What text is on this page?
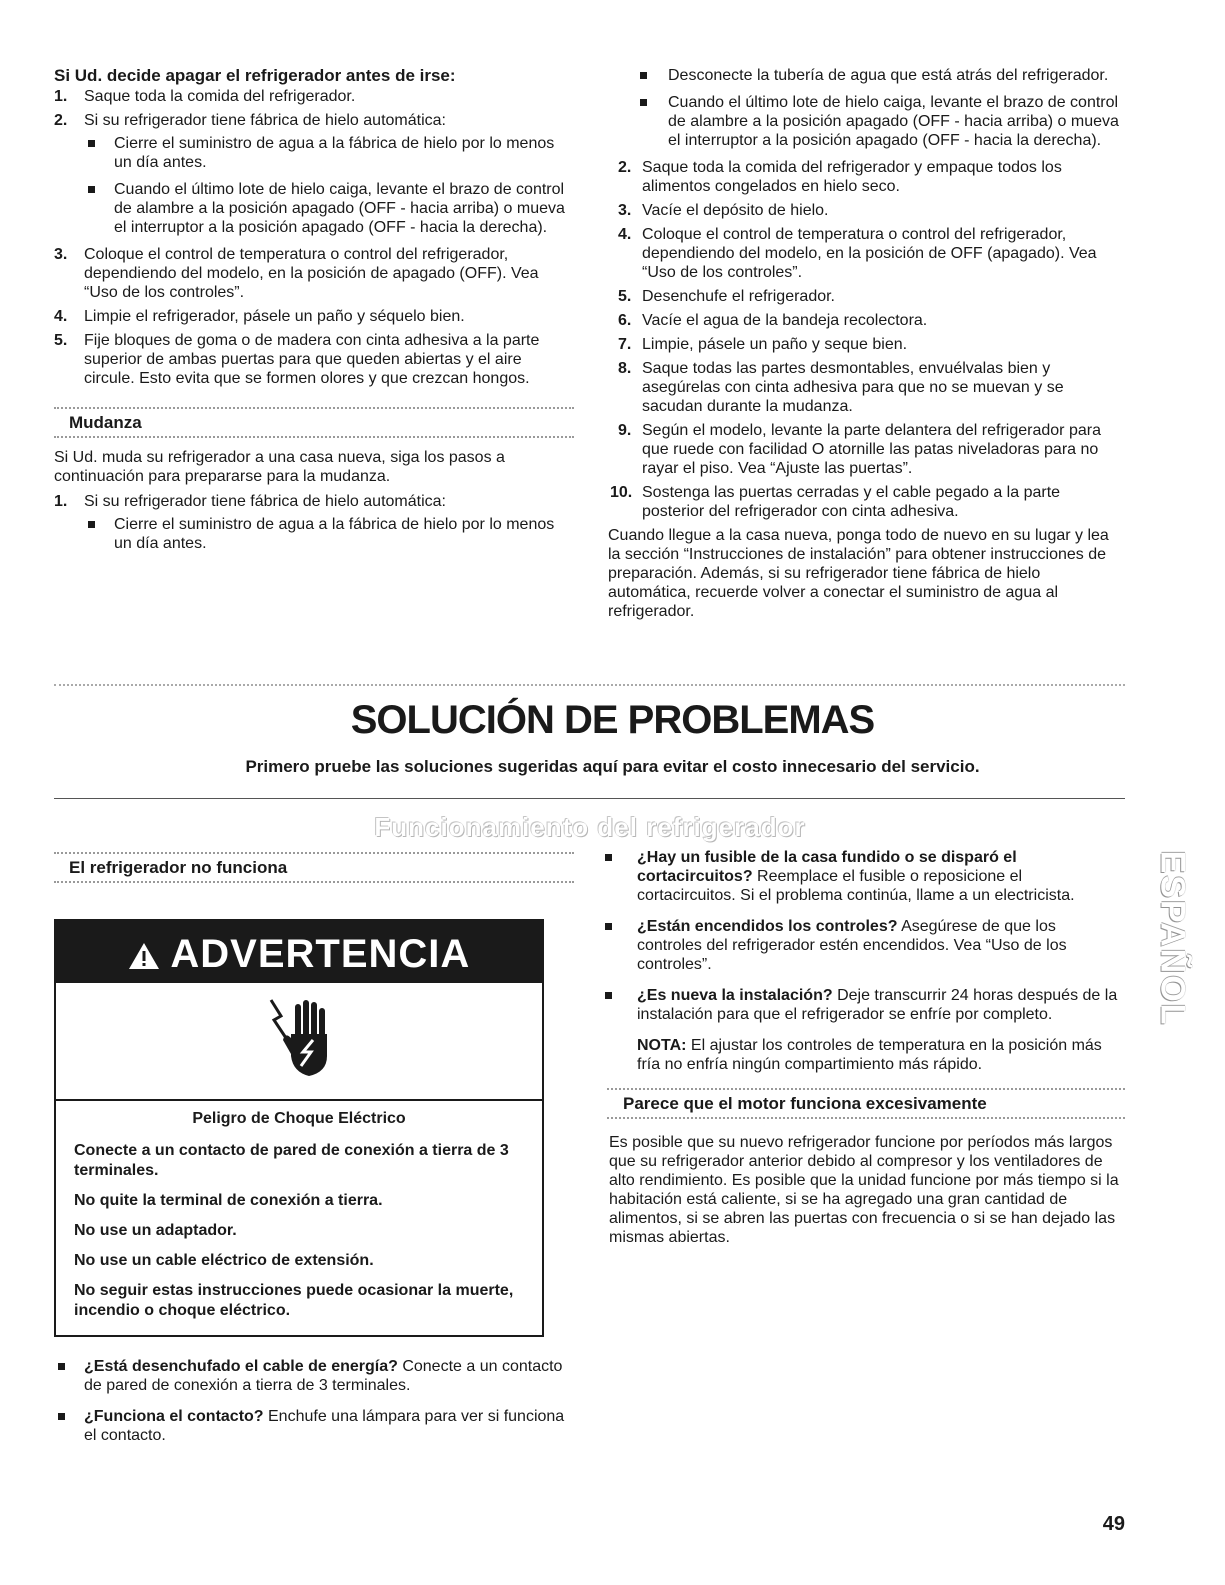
Si Ud. decide apagar el refrigerador antes de irse:
1. Saque toda la comida del refrigerador.
2. Si su refrigerador tiene fábrica de hielo automática:
Cierre el suministro de agua a la fábrica de hielo por lo menos un día antes.
Cuando el último lote de hielo caiga, levante el brazo de control de alambre a la posición apagado (OFF - hacia arriba) o mueva el interruptor a la posición apagado (OFF - hacia la derecha).
3. Coloque el control de temperatura o control del refrigerador, dependiendo del modelo, en la posición de apagado (OFF). Vea “Uso de los controles”.
4. Limpie el refrigerador, pásele un paño y séquelo bien.
5. Fije bloques de goma o de madera con cinta adhesiva a la parte superior de ambas puertas para que queden abiertas y el aire circule. Esto evita que se formen olores y que crezcan hongos.
Mudanza

Si Ud. muda su refrigerador a una casa nueva, siga los pasos a continuación para prepararse para la mudanza.

1. Si su refrigerador tiene fábrica de hielo automática:
Cierre el suministro de agua a la fábrica de hielo por lo menos un día antes.
Desconecte la tubería de agua que está atrás del refrigerador.
Cuando el último lote de hielo caiga, levante el brazo de control de alambre a la posición apagado (OFF - hacia arriba) o mueva el interruptor a la posición apagado (OFF - hacia la derecha).
2. Saque toda la comida del refrigerador y empaque todos los alimentos congelados en hielo seco.
3. Vacíe el depósito de hielo.
4. Coloque el control de temperatura o control del refrigerador, dependiendo del modelo, en la posición de OFF (apagado). Vea “Uso de los controles”.
5. Desenchufe el refrigerador.
6. Vacíe el agua de la bandeja recolectora.
7. Limpie, pásele un paño y seque bien.
8. Saque todas las partes desmontables, envuélvalas bien y asegúrelas con cinta adhesiva para que no se muevan y se sacudan durante la mudanza.
9. Según el modelo, levante la parte delantera del refrigerador para que ruede con facilidad O atornille las patas niveladoras para no rayar el piso. Vea “Ajuste las puertas”.
10. Sostenga las puertas cerradas y el cable pegado a la parte posterior del refrigerador con cinta adhesiva.

Cuando llegue a la casa nueva, ponga todo de nuevo en su lugar y lea la sección “Instrucciones de instalación” para obtener instrucciones de preparación. Además, si su refrigerador tiene fábrica de hielo automática, recuerde volver a conectar el suministro de agua al refrigerador.

SOLUCIÓN DE PROBLEMAS

Primero pruebe las soluciones sugeridas aquí para evitar el costo innecesario del servicio.

Funcionamiento del refrigerador
El refrigerador no funciona
ADVERTENCIA

Peligro de Choque Eléctrico

Conecte a un contacto de pared de conexión a tierra de 3 terminales.

No quite la terminal de conexión a tierra.

No use un adaptador.

No use un cable eléctrico de extensión.

No seguir estas instrucciones puede ocasionar la muerte, incendio o choque eléctrico.

¿Está desenchufado el cable de energía? Conecte a un contacto de pared de conexión a tierra de 3 terminales.
¿Funciona el contacto? Enchufe una lámpara para ver si funciona el contacto.
¿Hay un fusible de la casa fundido o se disparó el cortacircuitos? Reemplace el fusible o reposicione el cortacircuitos. Si el problema continúa, llame a un electricista.
¿Están encendidos los controles? Asegúrese de que los controles del refrigerador estén encendidos. Vea “Uso de los controles”.
¿Es nueva la instalación? Deje transcurrir 24 horas después de la instalación para que el refrigerador se enfríe por completo.

NOTA: El ajustar los controles de temperatura en la posición más fría no enfría ningún compartimiento más rápido.

Parece que el motor funciona excesivamente

Es posible que su nuevo refrigerador funcione por períodos más largos que su refrigerador anterior debido al compresor y los ventiladores de alto rendimiento. Es posible que la unidad funcione por más tiempo si la habitación está caliente, si se ha agregado una gran cantidad de alimentos, si se abren las puertas con frecuencia o si se han dejado las mismas abiertas.

ESPAÑOL
49
